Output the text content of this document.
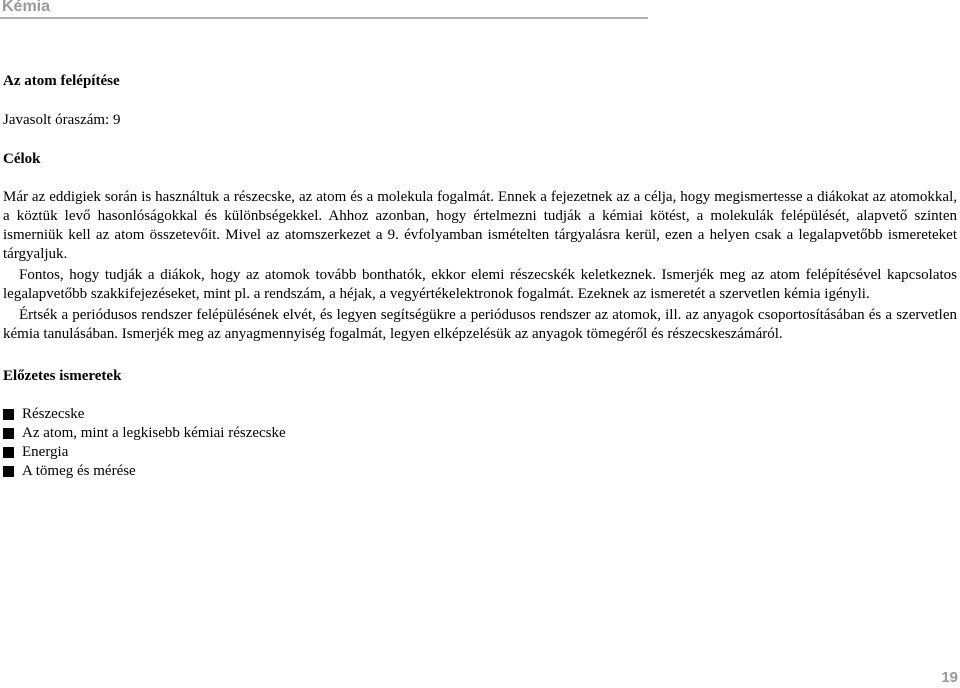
Kémia
Az atom felépítése
Javasolt óraszám: 9
Célok

Már az eddigiek során is használtuk a részecske, az atom és a molekula fogalmát. Ennek a fejezetnek az a célja, hogy megismertesse a diákokat az atomokkal, a köztük levő hasonlóságokkal és különbségekkel. Ahhoz azonban, hogy értelmezni tudják a kémiai kötést, a molekulák felépülését, alapvető szinten ismerniük kell az atom összetevőit. Mivel az atomszerkezet a 9. évfolyamban ismételten tárgyalásra kerül, ezen a helyen csak a legalapvetőbb ismereteket tárgyaljuk.

Fontos, hogy tudják a diákok, hogy az atomok tovább bonthatók, ekkor elemi részecskék keletkeznek. Ismerjék meg az atom felépítésével kapcsolatos legalapvetőbb szakkifejezéseket, mint pl. a rendszám, a héjak, a vegyértékelektronok fogalmát. Ezeknek az ismeretét a szervetlen kémia igényli.

Értsék a periódusos rendszer felépülésének elvét, és legyen segítségükre a periódusos rendszer az atomok, ill. az anyagok csoportosításában és a szervetlen kémia tanulásában. Ismerjék meg az anyagmennyiség fogalmát, legyen elképzelésük az anyagok tömegéről és részecskeszámáról.

Előzetes ismeretek
Részecske
Az atom, mint a legkisebb kémiai részecske
Energia
A tömeg és mérése
19
